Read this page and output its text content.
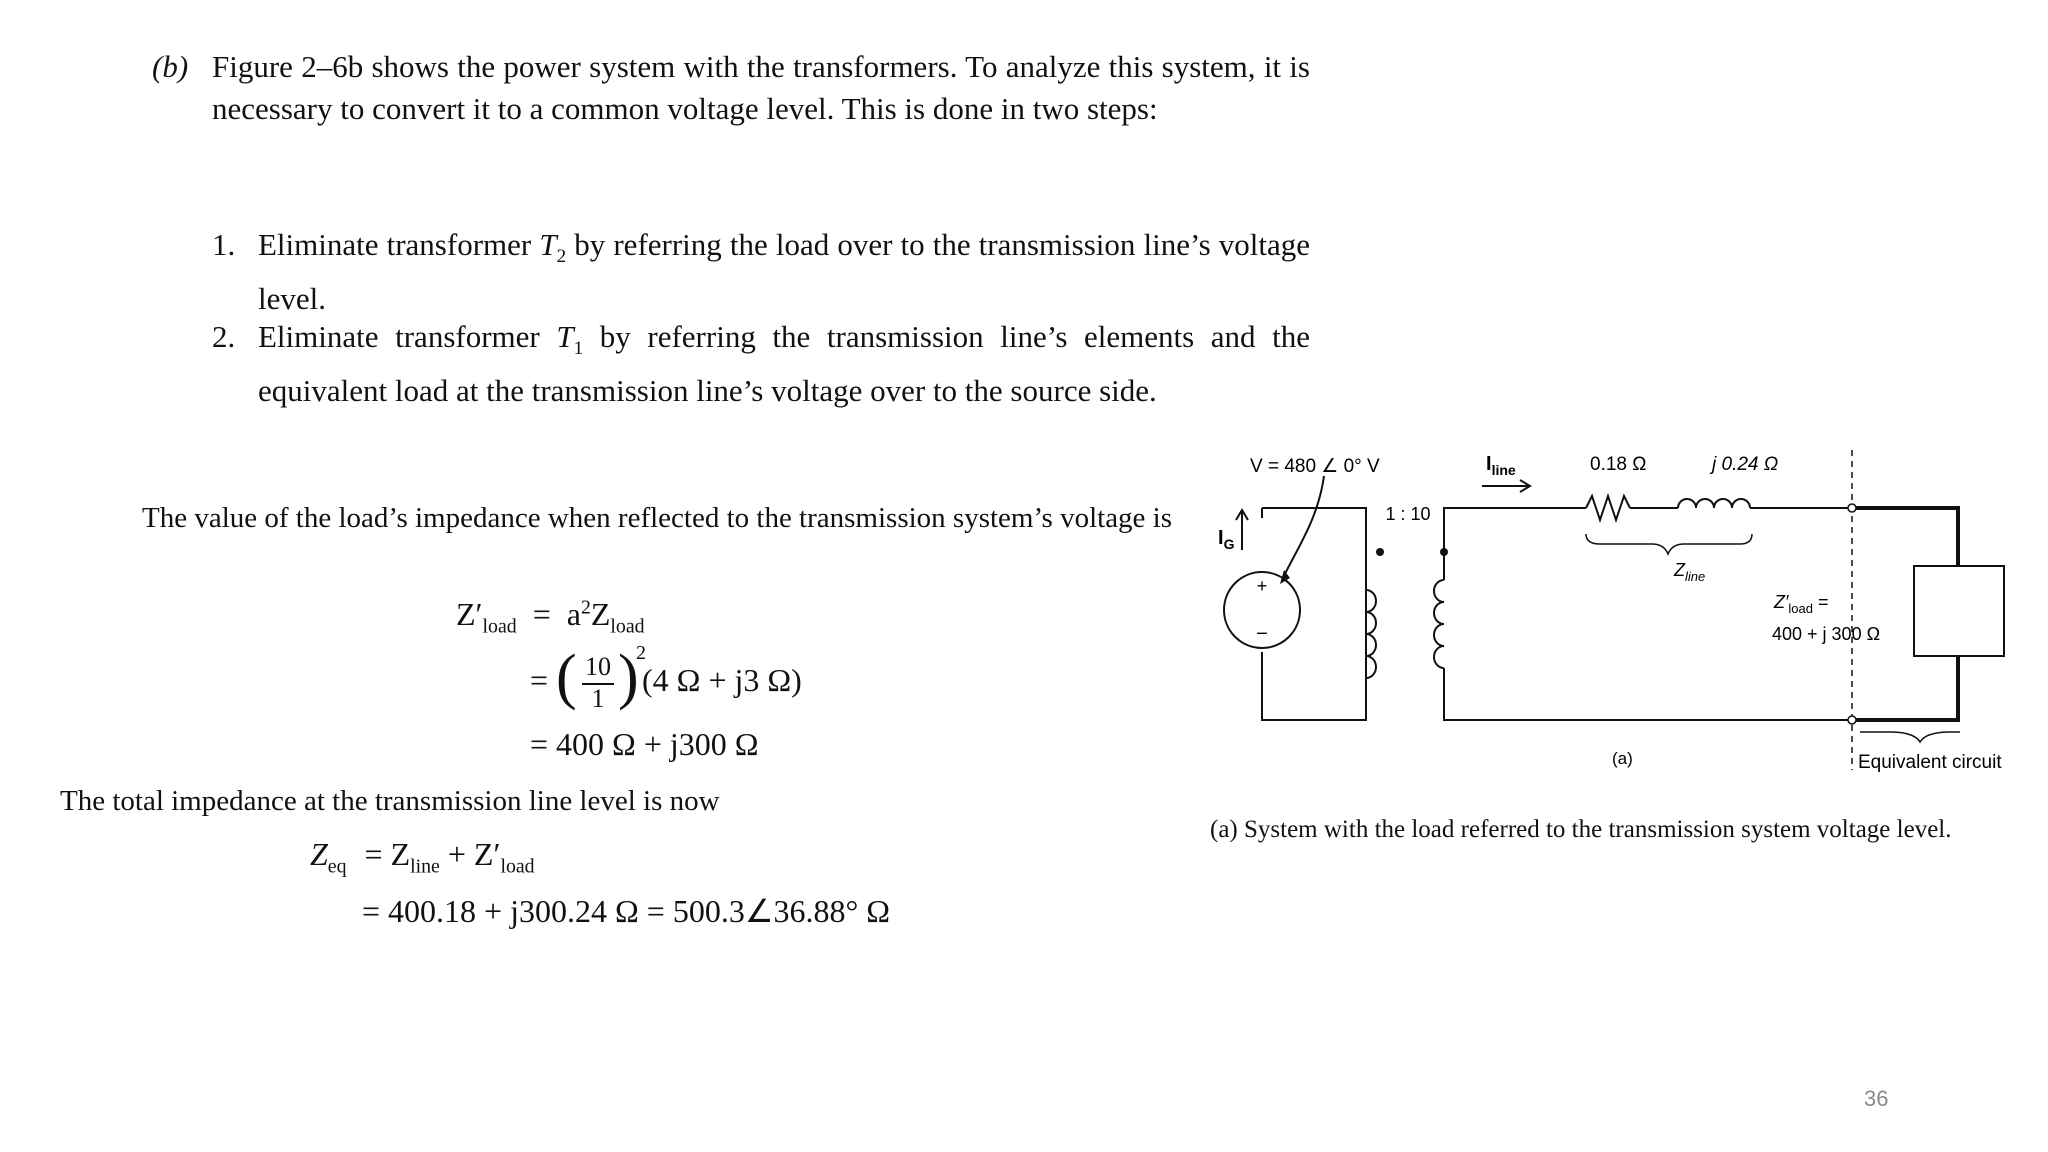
(b) Figure 2–6b shows the power system with the transformers. To analyze this system, it is necessary to convert it to a common voltage level. This is done in two steps:
1. Eliminate transformer $T_2$ by referring the load over to the transmission line’s voltage level.
2. Eliminate transformer $T_1$ by referring the transmission line’s elements and the equivalent load at the transmission line’s voltage over to the source side.
The value of the load’s impedance when reflected to the transmission system’s voltage is
$Z'_{load} = a^2Z_{load}$
= ( 10
1 )
2
(4 Ω + j3 Ω)
= 400 Ω + j300 Ω
The total impedance at the transmission line level is now
$Z_{eq} = Z_{line} + Z'_{load}$
= 400.18 + j300.24 Ω = 500.3∠36.88° Ω
+
−
V = 480 ∠ 0° V
$I_G$
1 : 10
$I_{line}$	0.18 Ω	j 0.24 Ω
$Z_{line}$
$Z'_{load}$ =
400 + j 300 Ω
(a)	Equivalent circuit
(a) System with the load referred to the transmission system voltage level.
36
